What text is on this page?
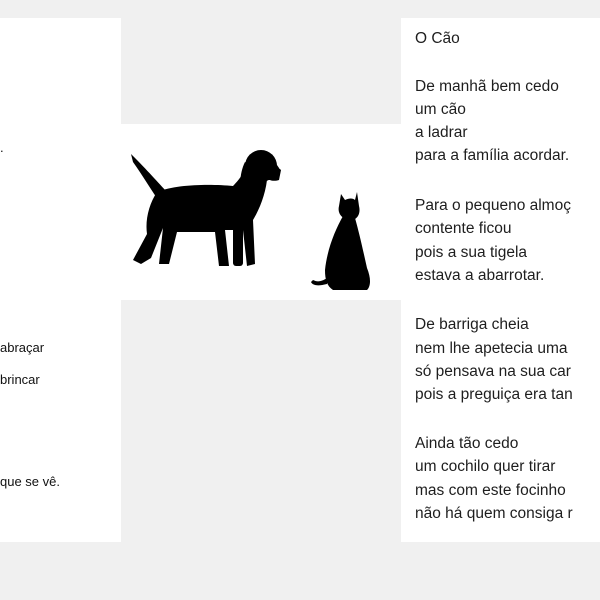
.
abraçar
brincar
que se vê.
O Cão
De manhã bem cedo
um cão
a ladrar
para a família acordar.
Para o pequeno almoç
contente ficou
pois a sua tigela
estava a abarrotar.
De barriga cheia
nem lhe apetecia uma
só pensava na sua car
pois a preguiça era tan
Ainda tão cedo
um cochilo quer tirar
mas com este focinho
não há quem consiga r
